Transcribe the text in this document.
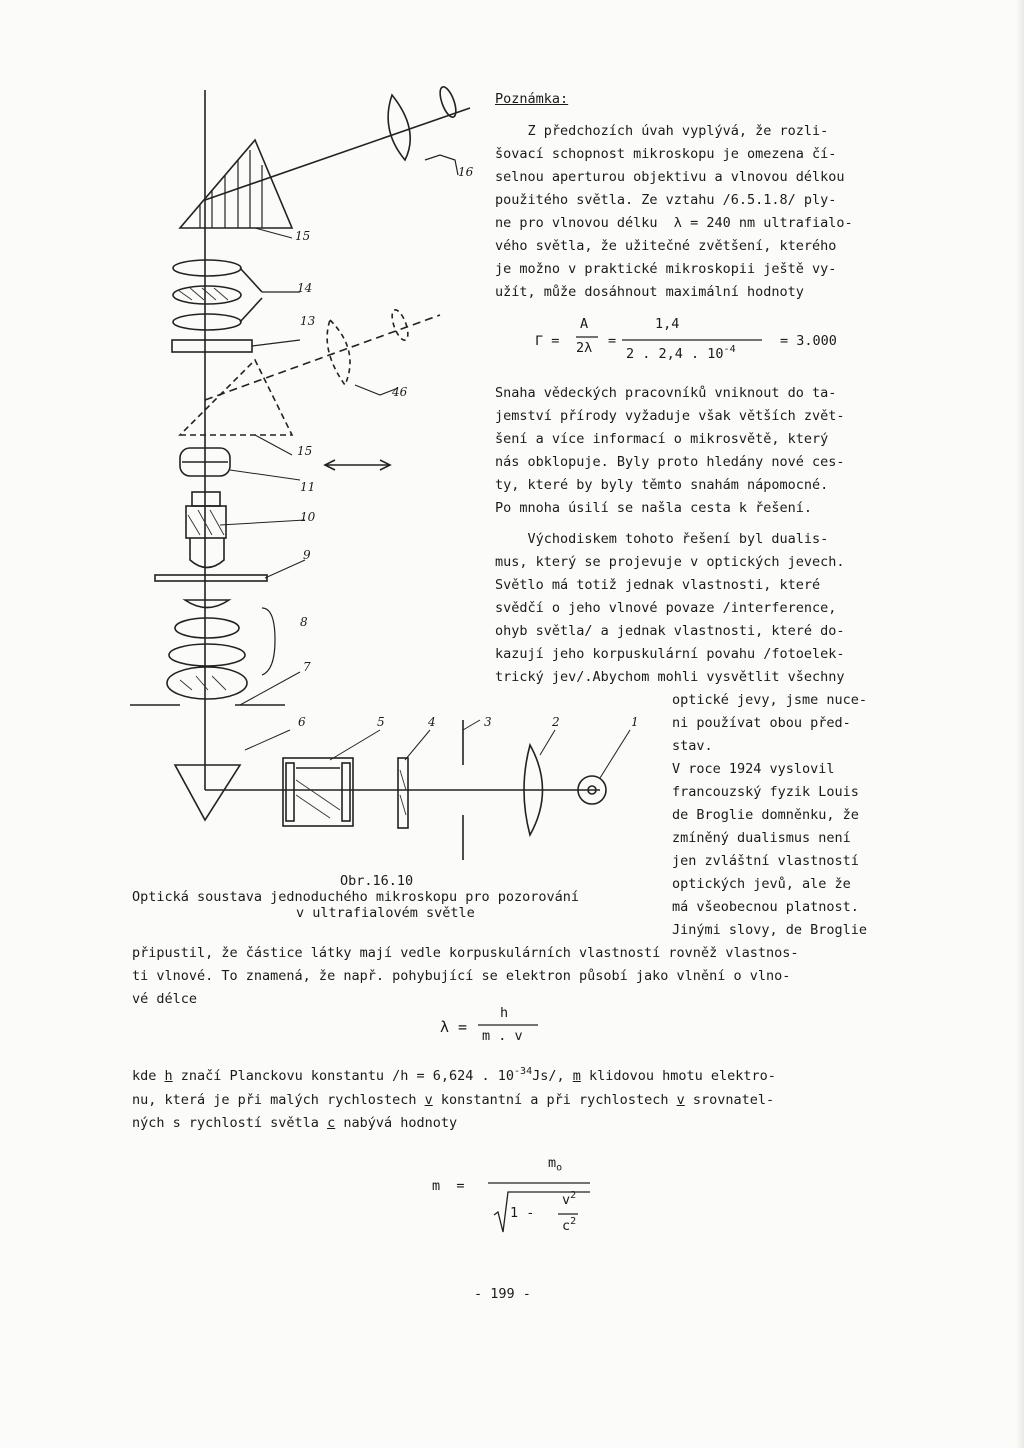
Poznámka:
Z předchozích úvah vyplývá, že rozli-
šovací schopnost mikroskopu je omezena čí-
selnou aperturou objektivu a vlnovou délkou
použitého světla. Ze vztahu /6.5.1.8/ ply-
ne pro vlnovou délku  λ = 240 nm ultrafialo-
vého světla, že užitečné zvětšení, kterého
je možno v praktické mikroskopii ještě vy-
užít, může dosáhnout maximální hodnoty
Γ =
A
2λ =
1,4
2 . 2,4 . $10^{-4}$
= 3.000
Snaha vědeckých pracovníků vniknout do ta-
jemství přírody vyžaduje však větších zvět-
šení a více informací o mikrosvětě, který
nás obklopuje. Byly proto hledány nové ces-
ty, které by byly těmto snahám nápomocné.
Po mnoha úsilí se našla cesta k řešení.
Východiskem tohoto řešení byl dualis-
mus, který se projevuje v optických jevech.
Světlo má totiž jednak vlastnosti, které
svědčí o jeho vlnové povaze /interference,
ohyb světla/ a jednak vlastnosti, které do-
kazují jeho korpuskulární povahu /fotoelek-
trický jev/.Abychom mohli vysvětlit všechny
optické jevy, jsme nuce-
ni používat obou před-
stav.
V roce 1924 vyslovil
francouzský fyzik Louis
de Broglie domněnku, že
zmíněný dualismus není
jen zvláštní vlastností
optických jevů, ale že
má všeobecnou platnost.
Jinými slovy, de Broglie
1
2
3
4
5
6
7
8
9
10
11
15
46
13
14
15
16
Obr.16.10
Optická soustava jednoduchého mikroskopu pro pozorování
v ultrafialovém světle
připustil, že částice látky mají vedle korpuskulárních vlastností rovněž vlastnos-
ti vlnové. To znamená, že např. pohybující se elektron působí jako vlnění o vlno-
vé délce
λ =
h
m . v
kde h značí Planckovu konstantu /h = 6,624 . $10^{-34}Js/$, m klidovou hmotu elektro-
nu, která je při malých rychlostech v konstantní a při rychlostech v srovnatel-
ných s rychlostí světla c nabývá hodnoty
m  =
$m_o$
1 -
$v^2$
$c^2$
- 199 -
